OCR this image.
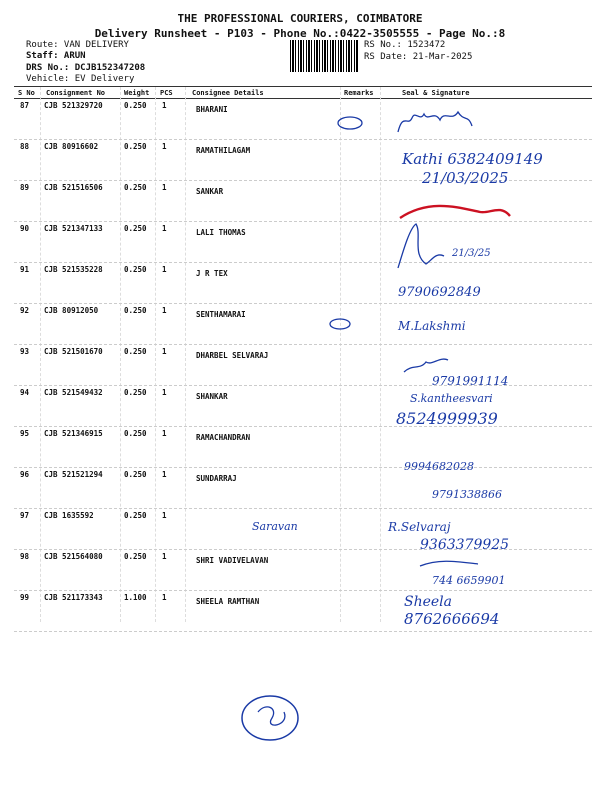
THE PROFESSIONAL COURIERS, COIMBATORE
Delivery Runsheet - P103 - Phone No.:0422-3505555 - Page No.:8
Route: VAN DELIVERY
Staff: ARUN
DRS No.: DCJB152347208
Vehicle: EV Delivery
RS No.: 1523472
RS Date: 21-Mar-2025
S No Consignment No	Weight PCS	Consignee Details	Remarks	Seal & Signature
87 CJB 521329720	0.250 1	BHARANI
88 CJB 80916602	0.250 1	RAMATHILAGAM
89 CJB 521516506	0.250 1	SANKAR
90 CJB 521347133	0.250 1	LALI THOMAS
91 CJB 521535228	0.250 1	J R TEX
92 CJB 80912050	0.250 1	SENTHAMARAI
93 CJB 521501670	0.250 1	DHARBEL SELVARAJ
94 CJB 521549432	0.250 1	SHANKAR
95 CJB 521346915	0.250 1	RAMACHANDRAN
96 CJB 521521294	0.250 1	SUNDARRAJ
97 CJB 1635592	0.250 1
98 CJB 521564080	0.250 1	SHRI VADIVELAVAN
99 CJB 521173343	1.100 1	SHEELA RAMTHAN
Kathi 6382409149
21/03/2025
21/3/25
9790692849
M.Lakshmi
9791991114
S.kantheesvari
8524999939
9994682028
9791338866
Saravan	R.Selvaraj
9363379925
744 6659901
Sheela
8762666694
